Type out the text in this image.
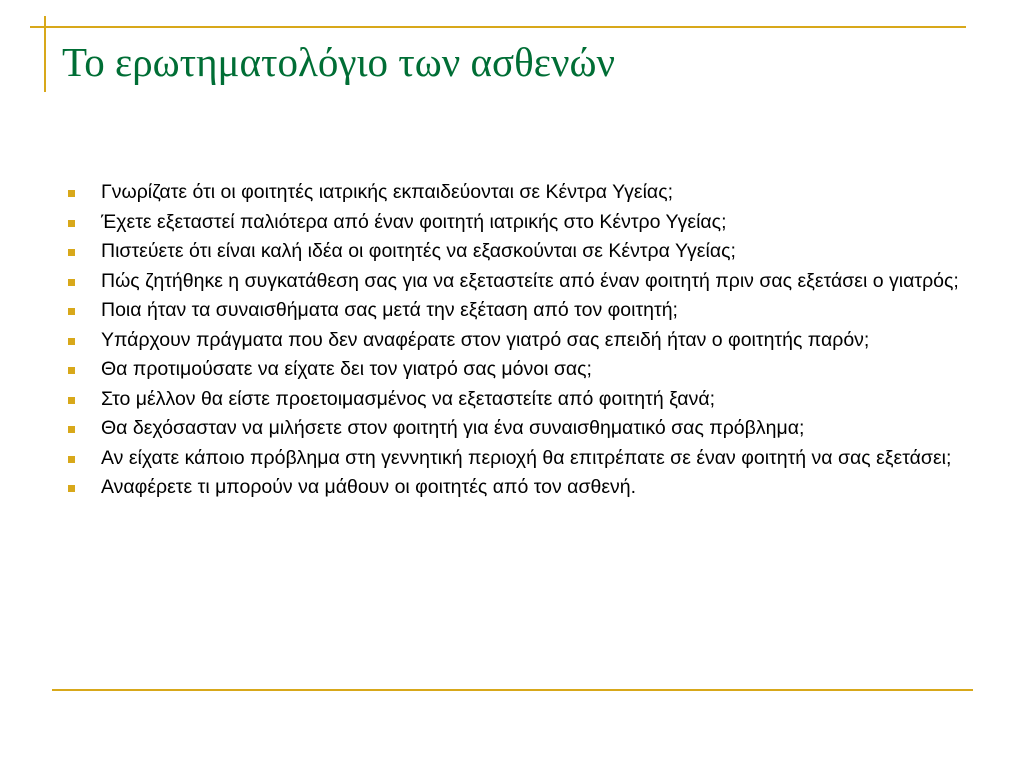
Το ερωτηματολόγιο των ασθενών
Γνωρίζατε ότι οι φοιτητές ιατρικής εκπαιδεύονται σε Κέντρα Υγείας;
Έχετε εξεταστεί παλιότερα από έναν φοιτητή ιατρικής στο Κέντρο Υγείας;
Πιστεύετε ότι είναι καλή ιδέα οι φοιτητές να εξασκούνται σε Κέντρα Υγείας;
Πώς ζητήθηκε η συγκατάθεση σας για να εξεταστείτε από έναν φοιτητή πριν σας εξετάσει ο γιατρός;
Ποια ήταν τα συναισθήματα σας μετά την εξέταση από τον φοιτητή;
Υπάρχουν πράγματα που δεν αναφέρατε στον γιατρό σας επειδή ήταν ο φοιτητής παρόν;
Θα προτιμούσατε να είχατε δει τον γιατρό σας μόνοι σας;
Στο μέλλον θα είστε προετοιμασμένος να εξεταστείτε από φοιτητή ξανά;
Θα δεχόσασταν να μιλήσετε στον φοιτητή για ένα συναισθηματικό σας πρόβλημα;
Αν είχατε κάποιο πρόβλημα στη γεννητική περιοχή θα επιτρέπατε σε έναν φοιτητή να σας εξετάσει;
Αναφέρετε τι μπορούν να μάθουν οι φοιτητές από τον ασθενή.
